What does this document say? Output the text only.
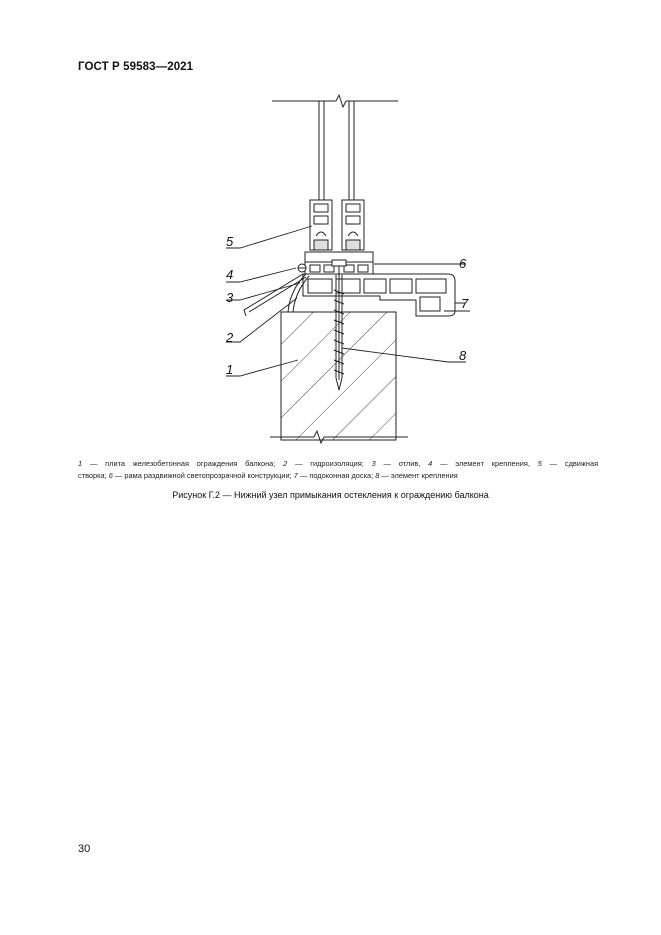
ГОСТ Р 59583—2021
5
4
3
2
1
6
7
8
1 — плита железобетонная ограждения балкона; 2 — гидроизоляция; 3 — отлив, 4 — элемент крепления, 5 — сдвижная
створка; 6 — рама раздвижной светопрозрачной конструкции; 7 — подоконная доска; 8 — элемент крепления
Рисунок Г.2 — Нижний узел примыкания остекления к ограждению балкона
30
